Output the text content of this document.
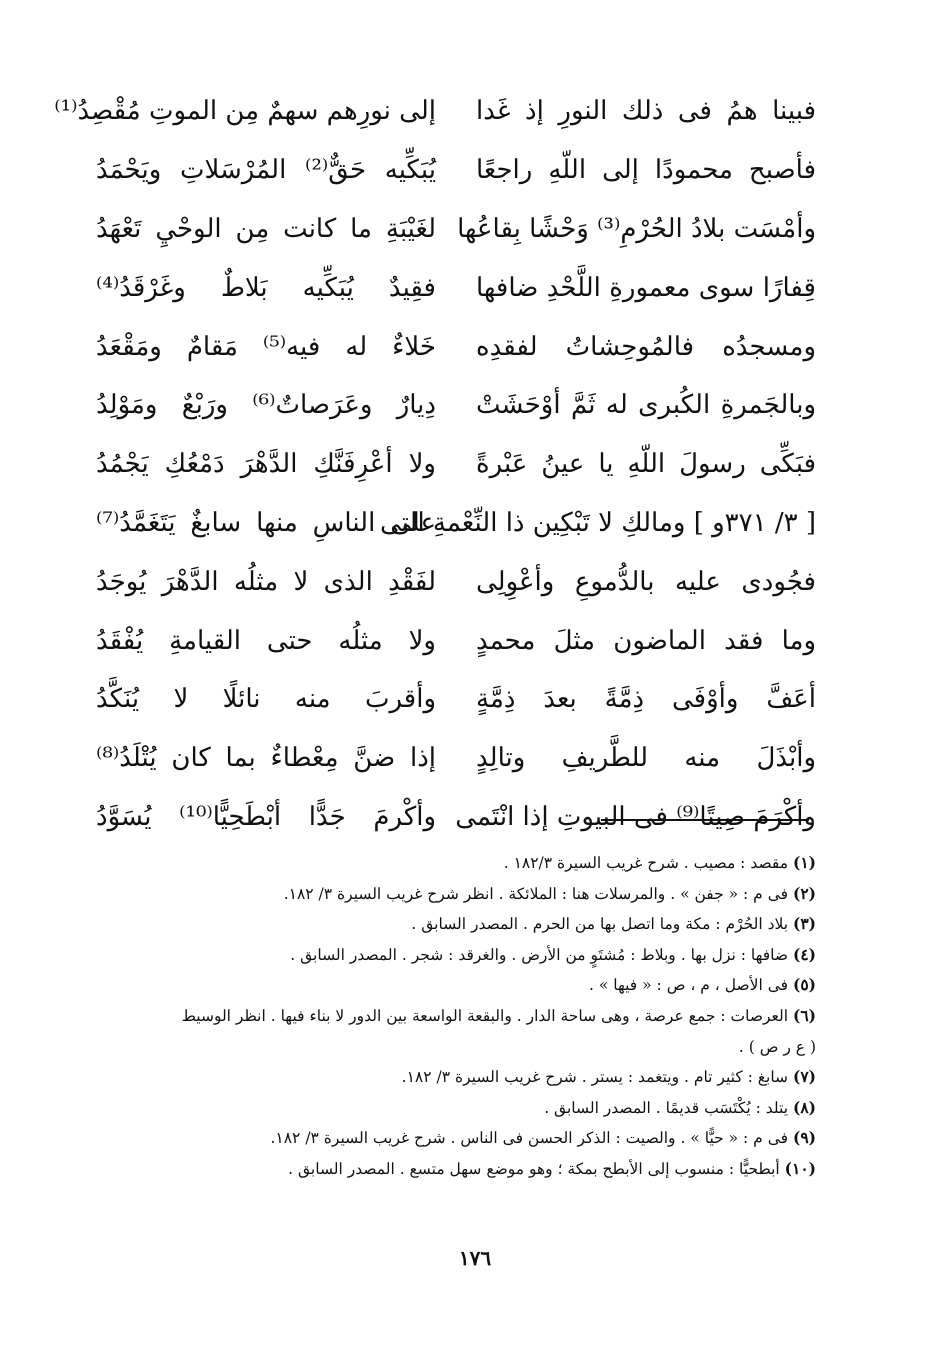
فبينا همُ فى ذلك النورِ إذ غَدا
إلى نورِهم سهمٌ مِن الموتِ مُقْصِدُ⁽¹⁾
فأصبح محمودًا إلى اللّهِ راجعًا
يُبَكِّيه حَقٌّ⁽²⁾ المُرْسَلاتِ ويَحْمَدُ
وأمْسَت بلادُ الحُرْمِ⁽³⁾ وَحْشًا بِقاعُها
لغَيْبَةِ ما كانت مِن الوحْيِ تَعْهَدُ
قِفارًا سوى معمورةِ اللَّحْدِ ضافها
فقِيدٌ يُبَكِّيه بَلاطٌ وغَرْقَدُ⁽⁴⁾
ومسجدُه فالمُوحِشاتُ لفقدِه
خَلاءٌ له فيه⁽⁵⁾ مَقامٌ ومَقْعَدُ
وبالجَمرةِ الكُبرى له ثَمَّ أوْحَشَتْ
دِيارٌ وعَرَصاتٌ⁽⁶⁾ ورَبْعٌ ومَوْلِدُ
فبَكِّى رسولَ اللّهِ يا عينُ عَبْرةً
ولا أعْرِفَنَّكِ الدَّهْرَ دَمْعُكِ يَجْمُدُ
[ ٣/ ٣٧١و ] ومالكِ لا تَبْكِين ذا النِّعْمةِ التى
على الناسِ منها سابغٌ يَتَغَمَّدُ⁽⁷⁾
فجُودى عليه بالدُّموعِ وأعْوِلِى
لفَقْدِ الذى لا مثلُه الدَّهْرَ يُوجَدُ
وما فقد الماضون مثلَ محمدٍ
ولا مثلُه حتى القيامةِ يُفْقَدُ
أعَفَّ وأوْفَى ذِمَّةً بعدَ ذِمَّةٍ
وأقربَ منه نائلًا لا يُنَكَّدُ
وأبْذَلَ منه للطَّريفِ وتالِدٍ
إذا ضنَّ مِعْطاءٌ بما كان يُتْلَدُ⁽⁸⁾
وأكْرَمَ صِيتًا⁽⁹⁾ فى البيوتِ إذا انْتَمى
وأكْرمَ جَدًّا أبْطَحِيًّا⁽¹⁰⁾ يُسَوَّدُ

(١) مقصد : مصيب . شرح غريب السيرة ١٨٢/٣ .

(٢) فى م : « جفن » . والمرسلات هنا : الملائكة . انظر شرح غريب السيرة ٣/ ١٨٢.

(٣) بلاد الحُرْم : مكة وما اتصل بها من الحرم . المصدر السابق .

(٤) ضافها : نزل بها . وبلاط : مُشتَوٍ من الأرض . والغرقد : شجر . المصدر السابق .

(٥) فى الأصل ، م ، ص : « فيها » .

(٦) العرصات : جمع عرصة ، وهى ساحة الدار . والبقعة الواسعة بين الدور لا بناء فيها . انظر الوسيط

( ع ر ص ) .

(٧) سابغ : كثير تام . ويتغمد : يستر . شرح غريب السيرة ٣/ ١٨٢.

(٨) يتلد : يُكْتَسَب قديمًا . المصدر السابق .

(٩) فى م : « حيًّا » . والصيت : الذكر الحسن فى الناس . شرح غريب السيرة ٣/ ١٨٢.

(١٠) أبطحيًّا : منسوب إلى الأبطح بمكة ؛ وهو موضع سهل متسع . المصدر السابق .

١٧٦
